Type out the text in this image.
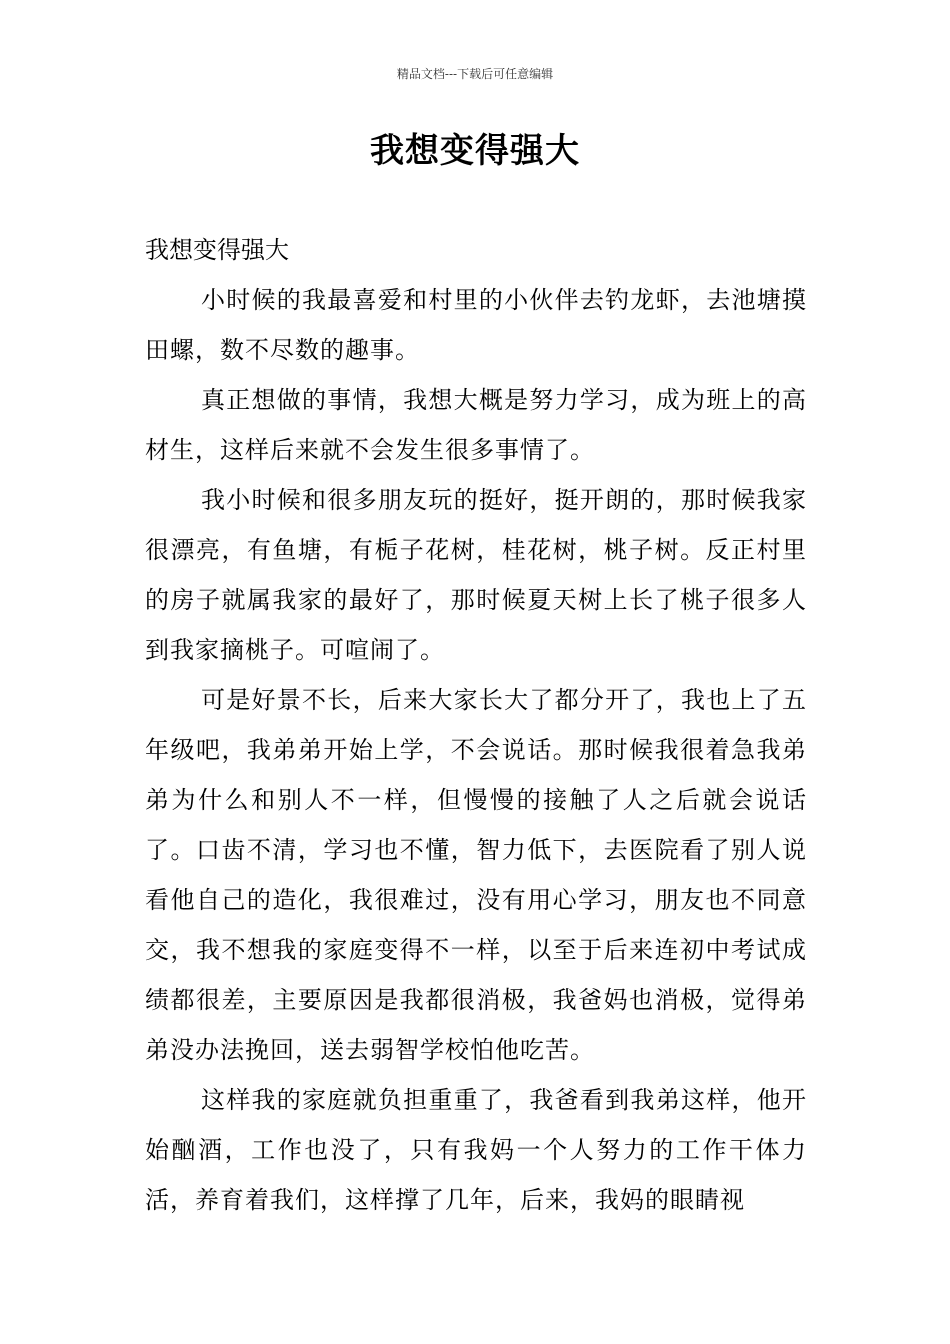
精品文档---下载后可任意编辑
我想变得强大

我想变得强大

小时候的我最喜爱和村里的小伙伴去钓龙虾，去池塘摸田螺，数不尽数的趣事。

真正想做的事情，我想大概是努力学习，成为班上的高材生，这样后来就不会发生很多事情了。

我小时候和很多朋友玩的挺好，挺开朗的，那时候我家很漂亮，有鱼塘，有栀子花树，桂花树，桃子树。反正村里的房子就属我家的最好了，那时候夏天树上长了桃子很多人到我家摘桃子。可喧闹了。

可是好景不长，后来大家长大了都分开了，我也上了五年级吧，我弟弟开始上学，不会说话。那时候我很着急我弟弟为什么和别人不一样，但慢慢的接触了人之后就会说话了。口齿不清，学习也不懂，智力低下，去医院看了别人说看他自己的造化，我很难过，没有用心学习，朋友也不同意交，我不想我的家庭变得不一样，以至于后来连初中考试成绩都很差，主要原因是我都很消极，我爸妈也消极，觉得弟弟没办法挽回，送去弱智学校怕他吃苦。

这样我的家庭就负担重重了，我爸看到我弟这样，他开始酗酒，工作也没了，只有我妈一个人努力的工作干体力活，养育着我们，这样撑了几年，后来，我妈的眼睛视
